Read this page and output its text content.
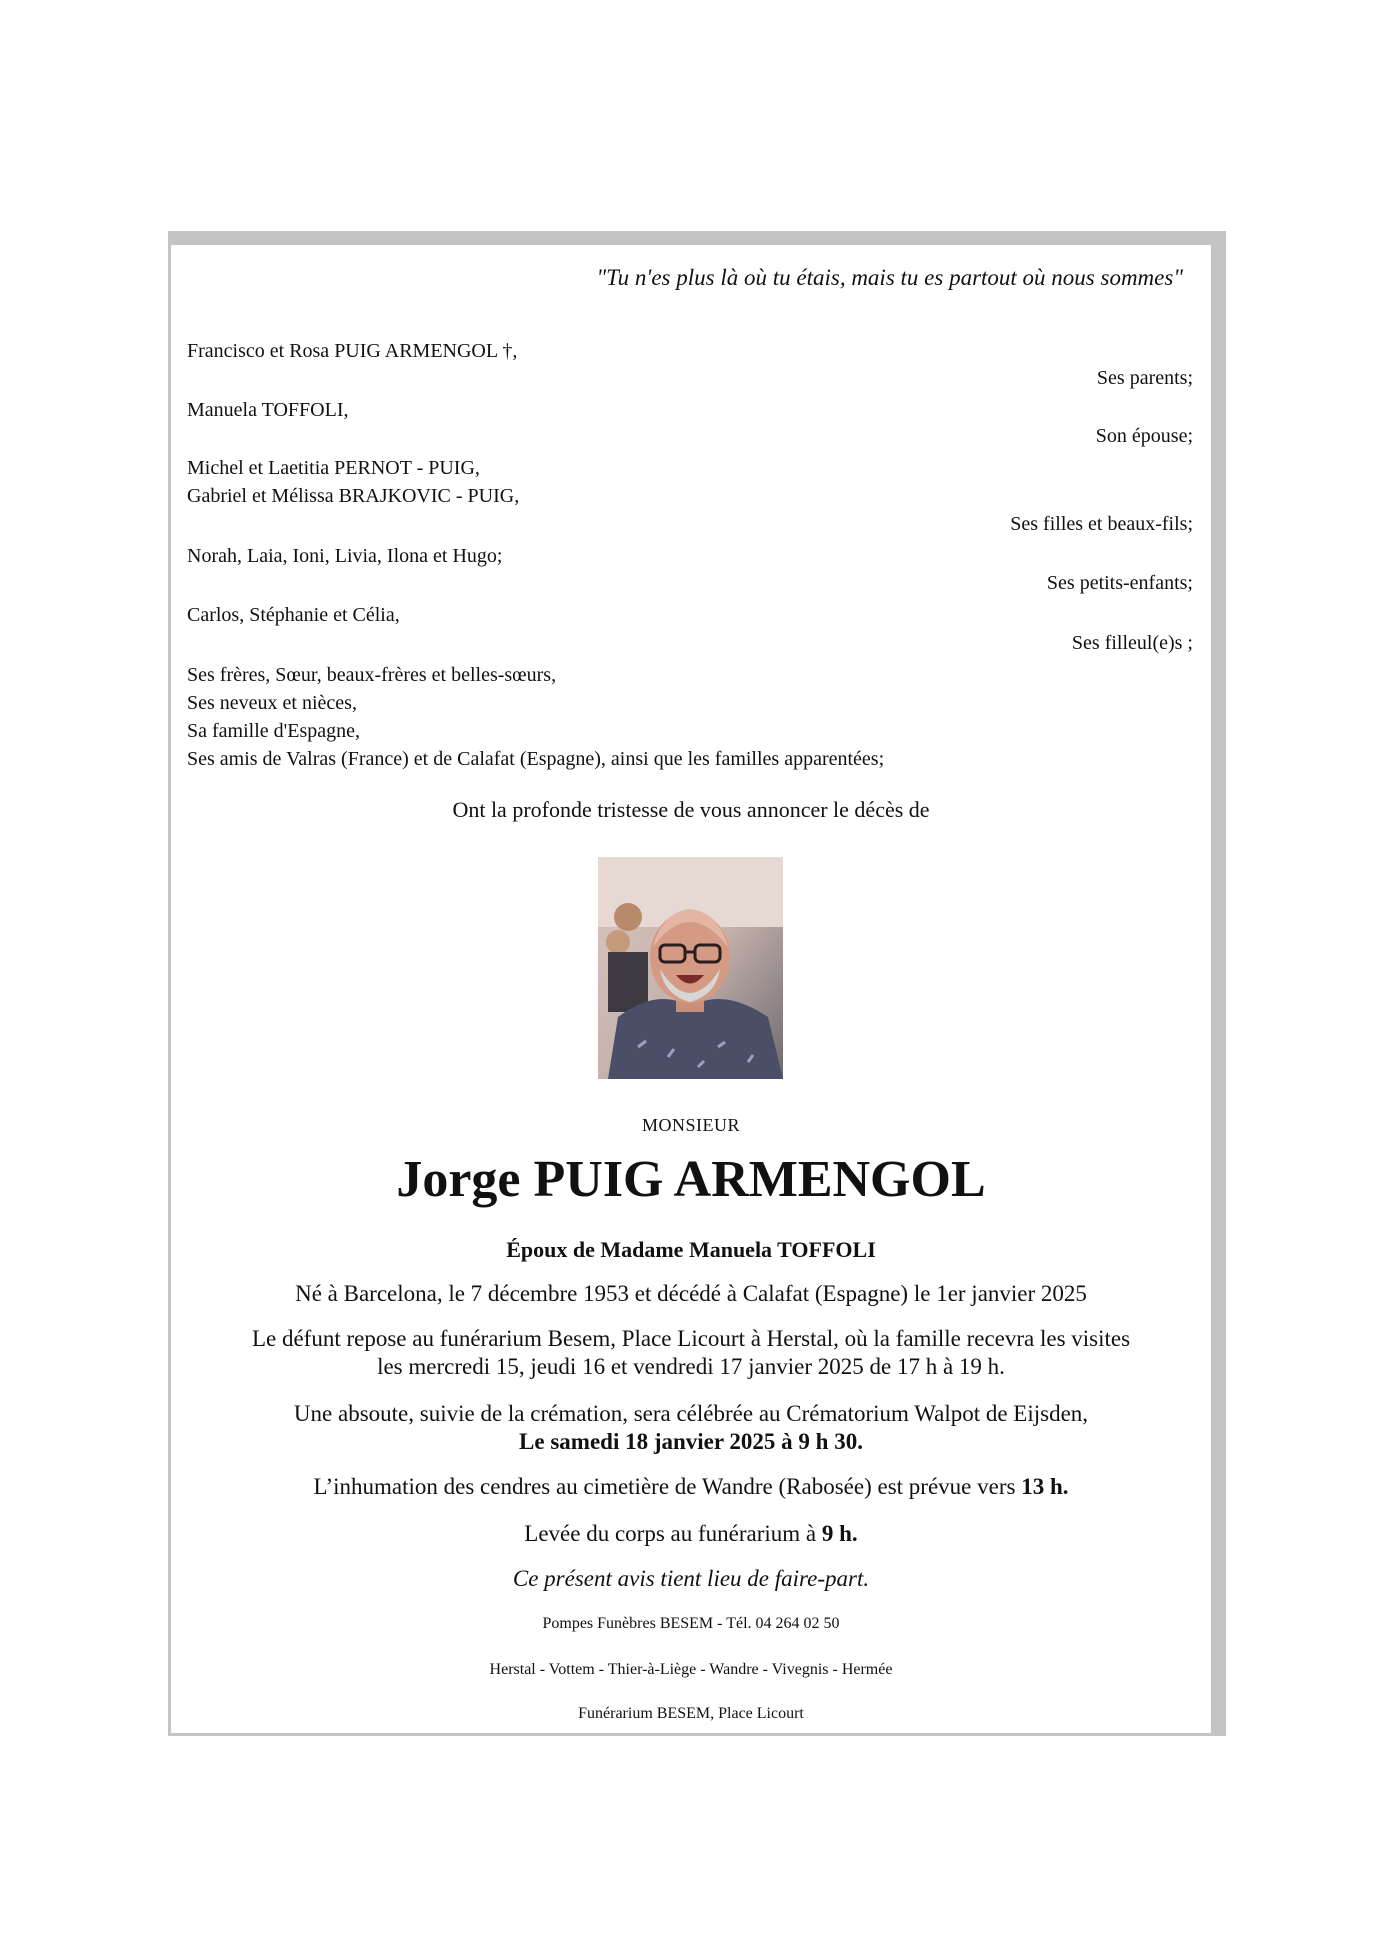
"Tu n'es plus là où tu étais, mais tu es partout où nous sommes"
Francisco et Rosa PUIG ARMENGOL †,
Ses parents;
Manuela TOFFOLI,
Son épouse;
Michel et Laetitia PERNOT - PUIG,
Gabriel et Mélissa BRAJKOVIC - PUIG,
Ses filles et beaux-fils;
Norah, Laia, Ioni, Livia, Ilona et Hugo;
Ses petits-enfants;
Carlos, Stéphanie et Célia,
Ses filleul(e)s ;
Ses frères, Sœur, beaux-frères et belles-sœurs,
Ses neveux et nièces,
Sa famille d'Espagne,
Ses amis de Valras (France) et de Calafat (Espagne), ainsi que les familles apparentées;
Ont la profonde tristesse de vous annoncer le décès de
MONSIEUR
Jorge PUIG ARMENGOL
Époux de Madame Manuela TOFFOLI
Né à Barcelona, le 7 décembre 1953 et décédé à Calafat (Espagne) le 1er janvier 2025
Le défunt repose au funérarium Besem, Place Licourt à Herstal, où la famille recevra les visites
les mercredi 15, jeudi 16 et vendredi 17 janvier 2025 de 17 h à 19 h.
Une absoute, suivie de la crémation, sera célébrée au Crématorium Walpot de Eijsden,
Le samedi 18 janvier 2025 à 9 h 30.
L’inhumation des cendres au cimetière de Wandre (Rabosée) est prévue vers 13 h.
Levée du corps au funérarium à 9 h.
Ce présent avis tient lieu de faire-part.
Pompes Funèbres BESEM - Tél. 04 264 02 50
Herstal - Vottem - Thier-à-Liège - Wandre - Vivegnis - Hermée
Funérarium BESEM, Place Licourt
